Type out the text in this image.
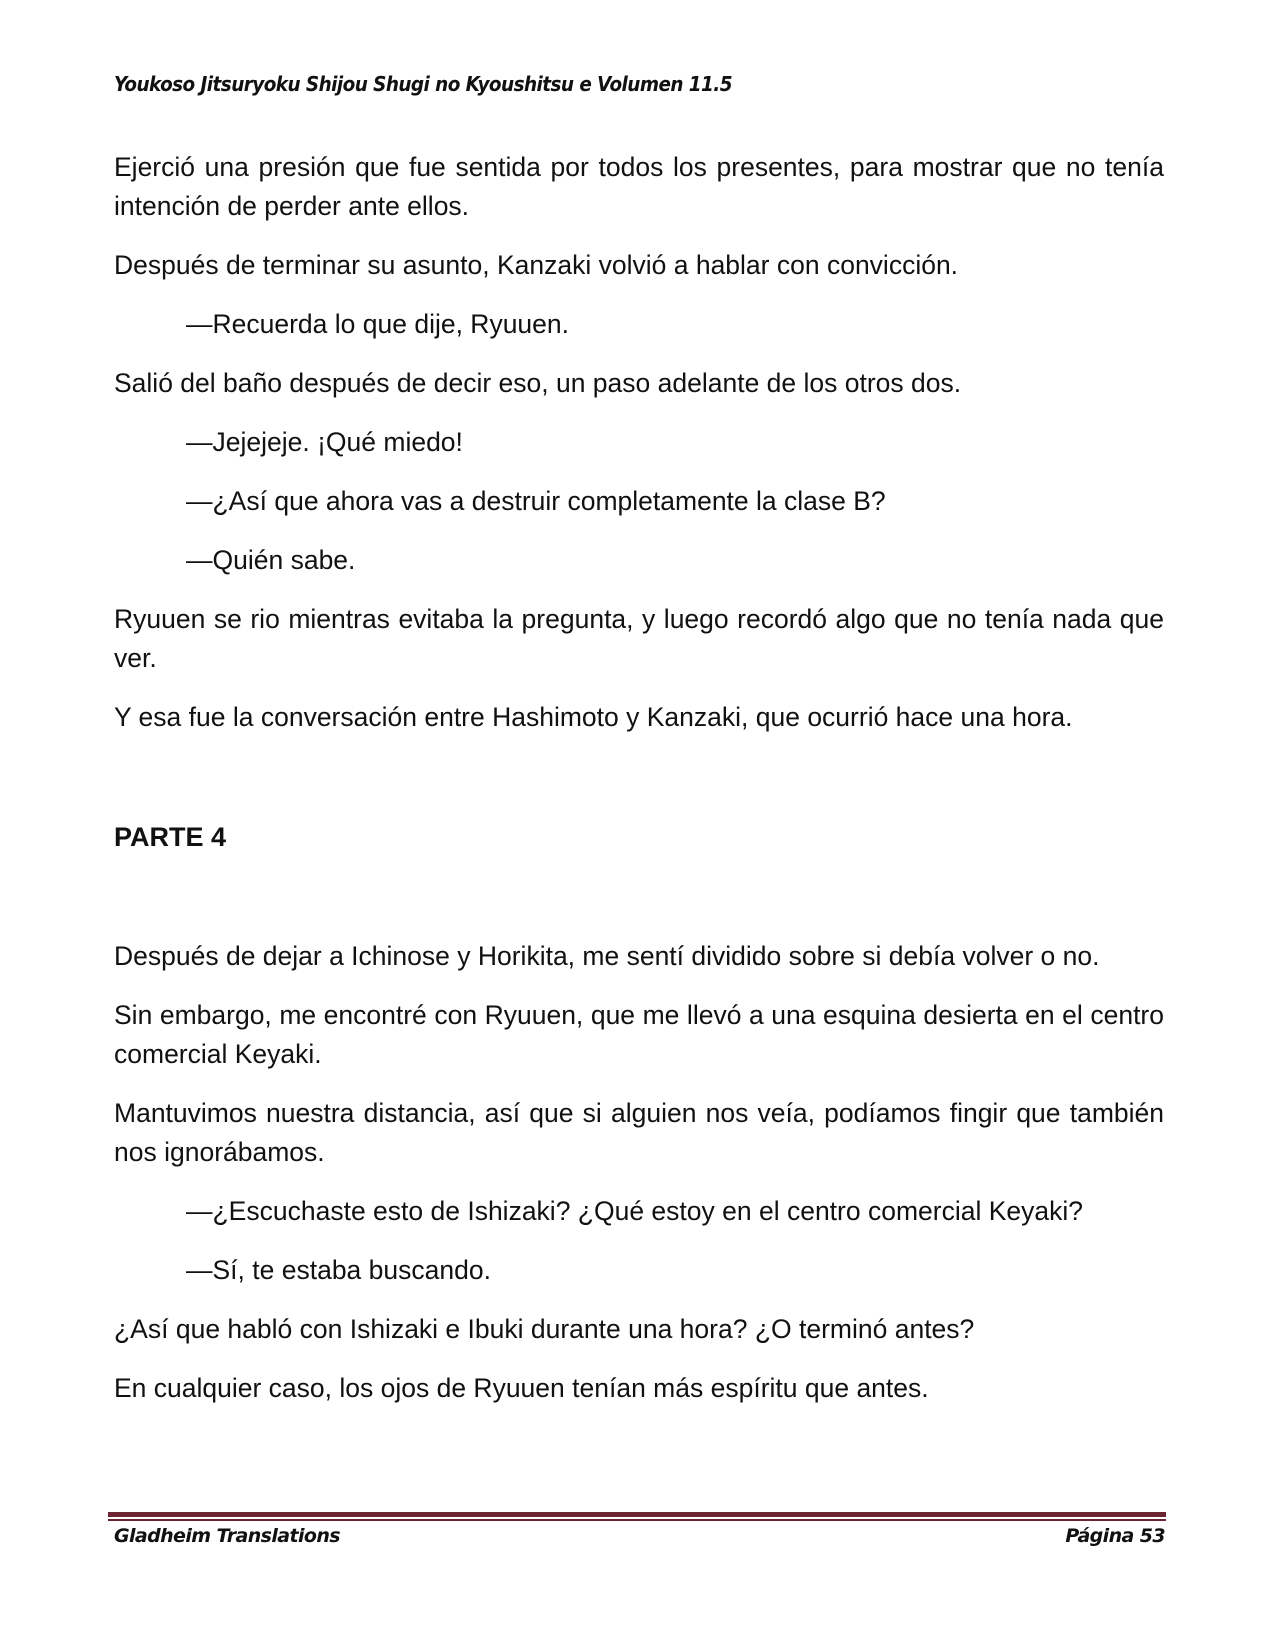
Youkoso Jitsuryoku Shijou Shugi no Kyoushitsu e Volumen 11.5

Ejerció una presión que fue sentida por todos los presentes, para mostrar que no tenía intención de perder ante ellos.

Después de terminar su asunto, Kanzaki volvió a hablar con convicción.

—Recuerda lo que dije, Ryuuen.

Salió del baño después de decir eso, un paso adelante de los otros dos.

—Jejejeje. ¡Qué miedo!

—¿Así que ahora vas a destruir completamente la clase B?

—Quién sabe.

Ryuuen se rio mientras evitaba la pregunta, y luego recordó algo que no tenía nada que ver.

Y esa fue la conversación entre Hashimoto y Kanzaki, que ocurrió hace una hora.

PARTE 4

Después de dejar a Ichinose y Horikita, me sentí dividido sobre si debía volver o no.

Sin embargo, me encontré con Ryuuen, que me llevó a una esquina desierta en el centro comercial Keyaki.

Mantuvimos nuestra distancia, así que si alguien nos veía, podíamos fingir que también nos ignorábamos.

—¿Escuchaste esto de Ishizaki? ¿Qué estoy en el centro comercial Keyaki?

—Sí, te estaba buscando.

¿Así que habló con Ishizaki e Ibuki durante una hora? ¿O terminó antes?

En cualquier caso, los ojos de Ryuuen tenían más espíritu que antes.

Gladheim Translations	Página 53
